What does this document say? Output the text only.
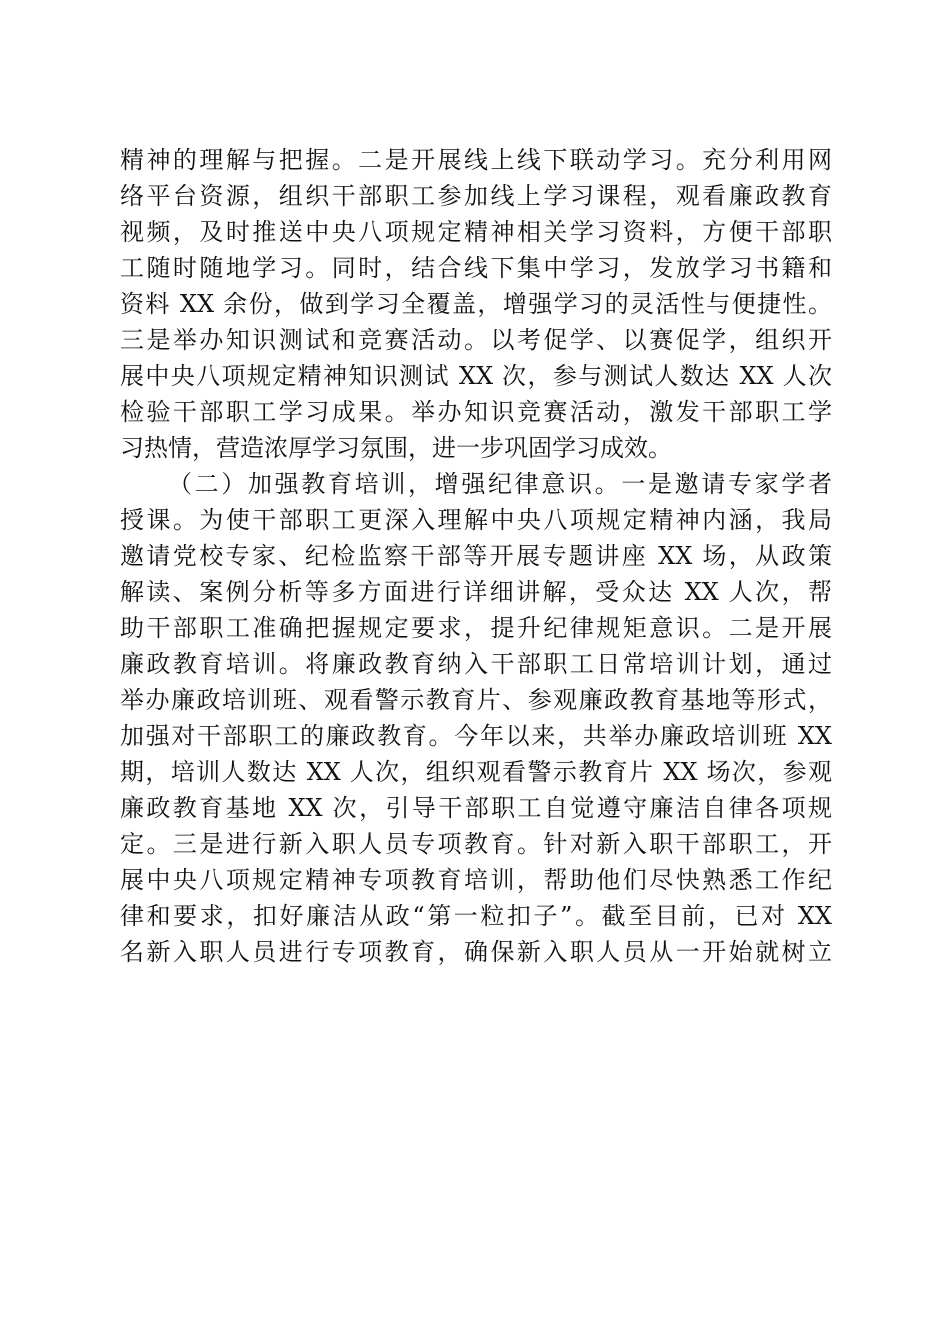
精神的理解与把握。二是开展线上线下联动学习。充分利用网
络平台资源，组织干部职工参加线上学习课程，观看廉政教育
视频，及时推送中央八项规定精神相关学习资料，方便干部职
工随时随地学习。同时，结合线下集中学习，发放学习书籍和
资料 XX 余份，做到学习全覆盖，增强学习的灵活性与便捷性。
三是举办知识测试和竞赛活动。以考促学、以赛促学，组织开
展中央八项规定精神知识测试 XX 次，参与测试人数达 XX 人次
检验干部职工学习成果。举办知识竞赛活动，激发干部职工学
习热情，营造浓厚学习氛围，进一步巩固学习成效。
（二）加强教育培训，增强纪律意识。一是邀请专家学者
授课。为使干部职工更深入理解中央八项规定精神内涵，我局
邀请党校专家、纪检监察干部等开展专题讲座 XX 场，从政策
解读、案例分析等多方面进行详细讲解，受众达 XX 人次，帮
助干部职工准确把握规定要求，提升纪律规矩意识。二是开展
廉政教育培训。将廉政教育纳入干部职工日常培训计划，通过
举办廉政培训班、观看警示教育片、参观廉政教育基地等形式，
加强对干部职工的廉政教育。今年以来，共举办廉政培训班 XX
期，培训人数达 XX 人次，组织观看警示教育片 XX 场次，参观
廉政教育基地 XX 次，引导干部职工自觉遵守廉洁自律各项规
定。三是进行新入职人员专项教育。针对新入职干部职工，开
展中央八项规定精神专项教育培训，帮助他们尽快熟悉工作纪
律和要求，扣好廉洁从政“第一粒扣子”。截至目前，已对 XX
名新入职人员进行专项教育，确保新入职人员从一开始就树立
